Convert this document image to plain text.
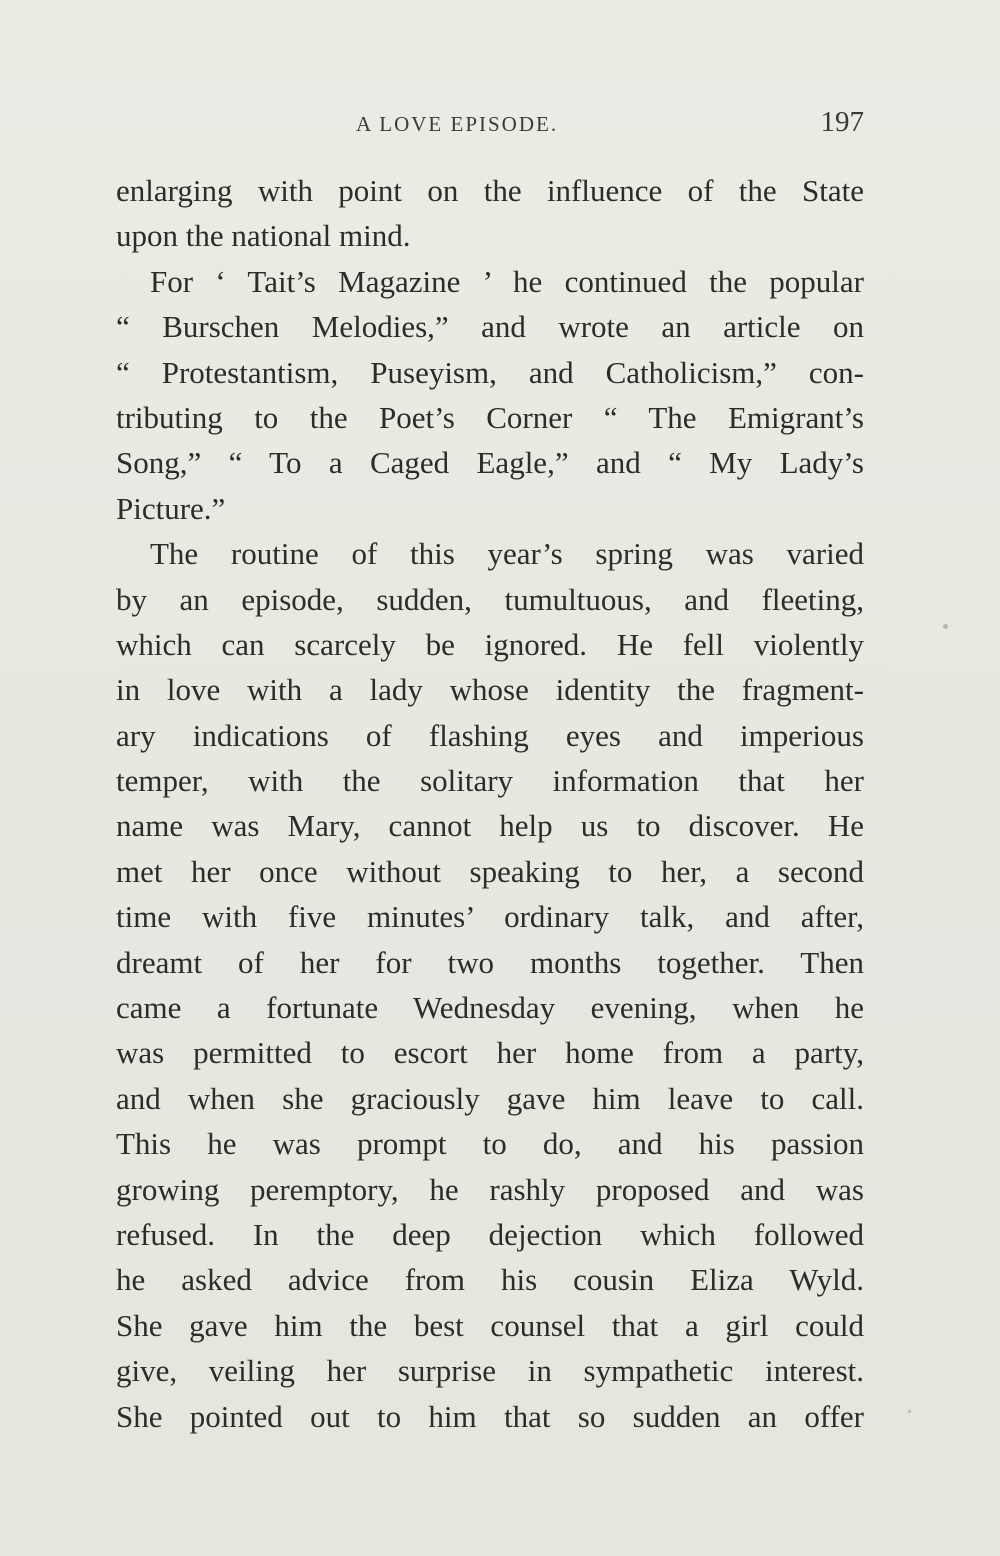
A LOVE EPISODE.	197
enlarging with point on the influence of the State
upon the national mind.
For ‘ Tait’s Magazine ’ he continued the popular
“ Burschen Melodies,” and wrote an article on
“ Protestantism, Puseyism, and Catholicism,” con-
tributing to the Poet’s Corner “ The Emigrant’s
Song,” “ To a Caged Eagle,” and “ My Lady’s
Picture.”
The routine of this year’s spring was varied
by an episode, sudden, tumultuous, and fleeting,
which can scarcely be ignored. He fell violently
in love with a lady whose identity the fragment-
ary indications of flashing eyes and imperious
temper, with the solitary information that her
name was Mary, cannot help us to discover. He
met her once without speaking to her, a second
time with five minutes’ ordinary talk, and after,
dreamt of her for two months together. Then
came a fortunate Wednesday evening, when he
was permitted to escort her home from a party,
and when she graciously gave him leave to call.
This he was prompt to do, and his passion
growing peremptory, he rashly proposed and was
refused. In the deep dejection which followed
he asked advice from his cousin Eliza Wyld.
She gave him the best counsel that a girl could
give, veiling her surprise in sympathetic interest.
She pointed out to him that so sudden an offer
